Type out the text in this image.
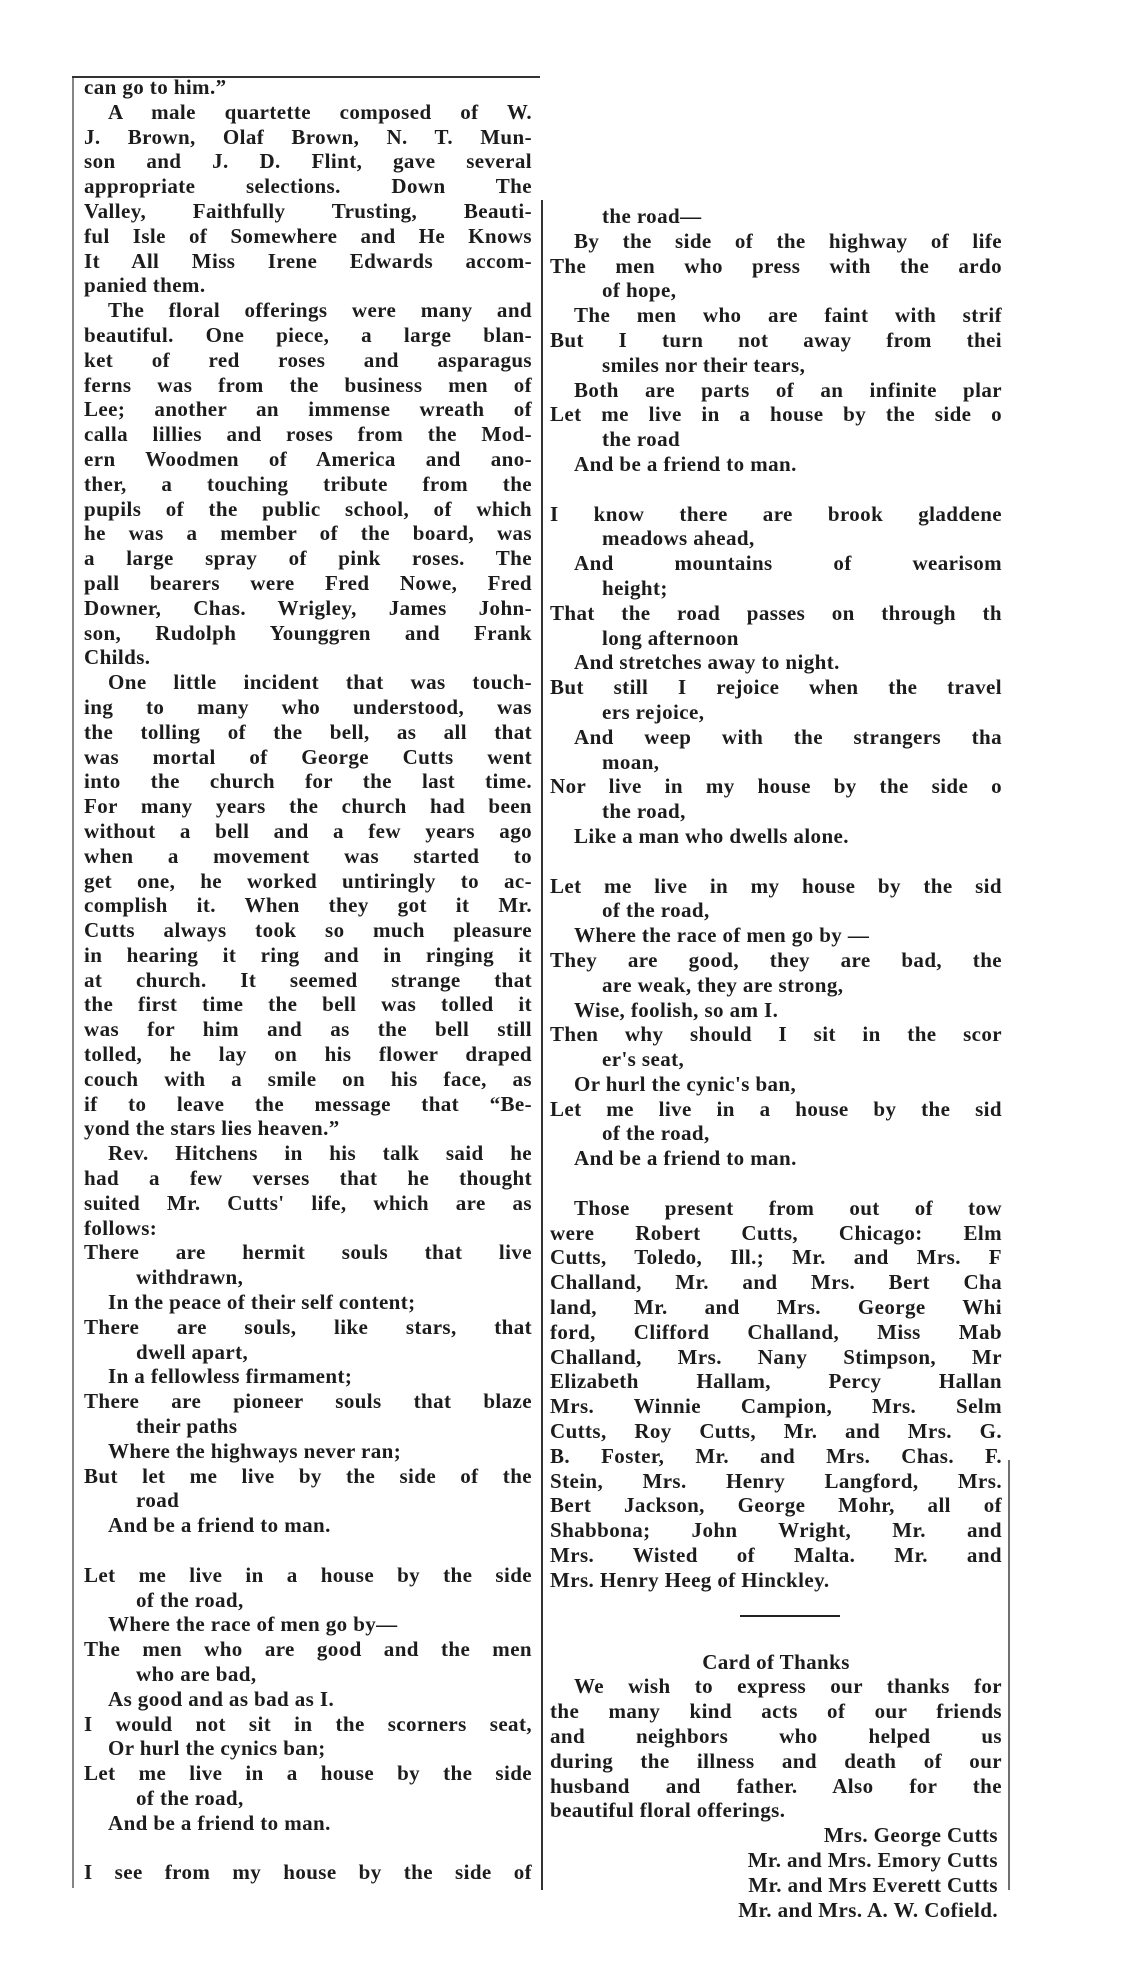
can go to him.”
A male quartette composed of W.
J. Brown, Olaf Brown, N. T. Mun-
son and J. D. Flint, gave several
appropriate selections. Down The
Valley, Faithfully Trusting, Beauti-
ful Isle of Somewhere and He Knows
It All Miss Irene Edwards accom-
panied them.
The floral offerings were many and
beautiful. One piece, a large blan-
ket of red roses and asparagus
ferns was from the business men of
Lee; another an immense wreath of
calla lillies and roses from the Mod-
ern Woodmen of America and ano-
ther, a touching tribute from the
pupils of the public school, of which
he was a member of the board, was
a large spray of pink roses. The
pall bearers were Fred Nowe, Fred
Downer, Chas. Wrigley, James John-
son, Rudolph Younggren and Frank
Childs.
One little incident that was touch-
ing to many who understood, was
the tolling of the bell, as all that
was mortal of George Cutts went
into the church for the last time.
For many years the church had been
without a bell and a few years ago
when a movement was started to
get one, he worked untiringly to ac-
complish it. When they got it Mr.
Cutts always took so much pleasure
in hearing it ring and in ringing it
at church. It seemed strange that
the first time the bell was tolled it
was for him and as the bell still
tolled, he lay on his flower draped
couch with a smile on his face, as
if to leave the message that “Be-
yond the stars lies heaven.”
Rev. Hitchens in his talk said he
had a few verses that he thought
suited Mr. Cutts' life, which are as
follows:
There are hermit souls that live
withdrawn,
In the peace of their self content;
There are souls, like stars, that
dwell apart,
In a fellowless firmament;
There are pioneer souls that blaze
their paths
Where the highways never ran;
But let me live by the side of the
road
And be a friend to man.
Let me live in a house by the side
of the road,
Where the race of men go by—
The men who are good and the men
who are bad,
As good and as bad as I.
I would not sit in the scorners seat,
Or hurl the cynics ban;
Let me live in a house by the side
of the road,
And be a friend to man.
I see from my house by the side of
the road—
By the side of the highway of life
The men who press with the ardo
of hope,
The men who are faint with strif
But I turn not away from thei
smiles nor their tears,
Both are parts of an infinite plar
Let me live in a house by the side o
the road
And be a friend to man.
I know there are brook gladdene
meadows ahead,
And mountains of wearisom
height;
That the road passes on through th
long afternoon
And stretches away to night.
But still I rejoice when the travel
ers rejoice,
And weep with the strangers tha
moan,
Nor live in my house by the side o
the road,
Like a man who dwells alone.
Let me live in my house by the sid
of the road,
Where the race of men go by —
They are good, they are bad, the
are weak, they are strong,
Wise, foolish, so am I.
Then why should I sit in the scor
er's seat,
Or hurl the cynic's ban,
Let me live in a house by the sid
of the road,
And be a friend to man.
Those present from out of tow
were Robert Cutts, Chicago: Elm
Cutts, Toledo, Ill.; Mr. and Mrs. F
Challand, Mr. and Mrs. Bert Cha
land, Mr. and Mrs. George Whi
ford, Clifford Challand, Miss Mab
Challand, Mrs. Nany Stimpson, Mr
Elizabeth Hallam, Percy Hallan
Mrs. Winnie Campion, Mrs. Selm
Cutts, Roy Cutts, Mr. and Mrs. G.
B. Foster, Mr. and Mrs. Chas. F.
Stein, Mrs. Henry Langford, Mrs.
Bert Jackson, George Mohr, all of
Shabbona; John Wright, Mr. and
Mrs. Wisted of Malta. Mr. and
Mrs. Henry Heeg of Hinckley.
Card of Thanks
We wish to express our thanks for
the many kind acts of our friends
and neighbors who helped us
during the illness and death of our
husband and father. Also for the
beautiful floral offerings.
Mrs. George Cutts
Mr. and Mrs. Emory Cutts
Mr. and Mrs Everett Cutts
Mr. and Mrs. A. W. Cofield.
